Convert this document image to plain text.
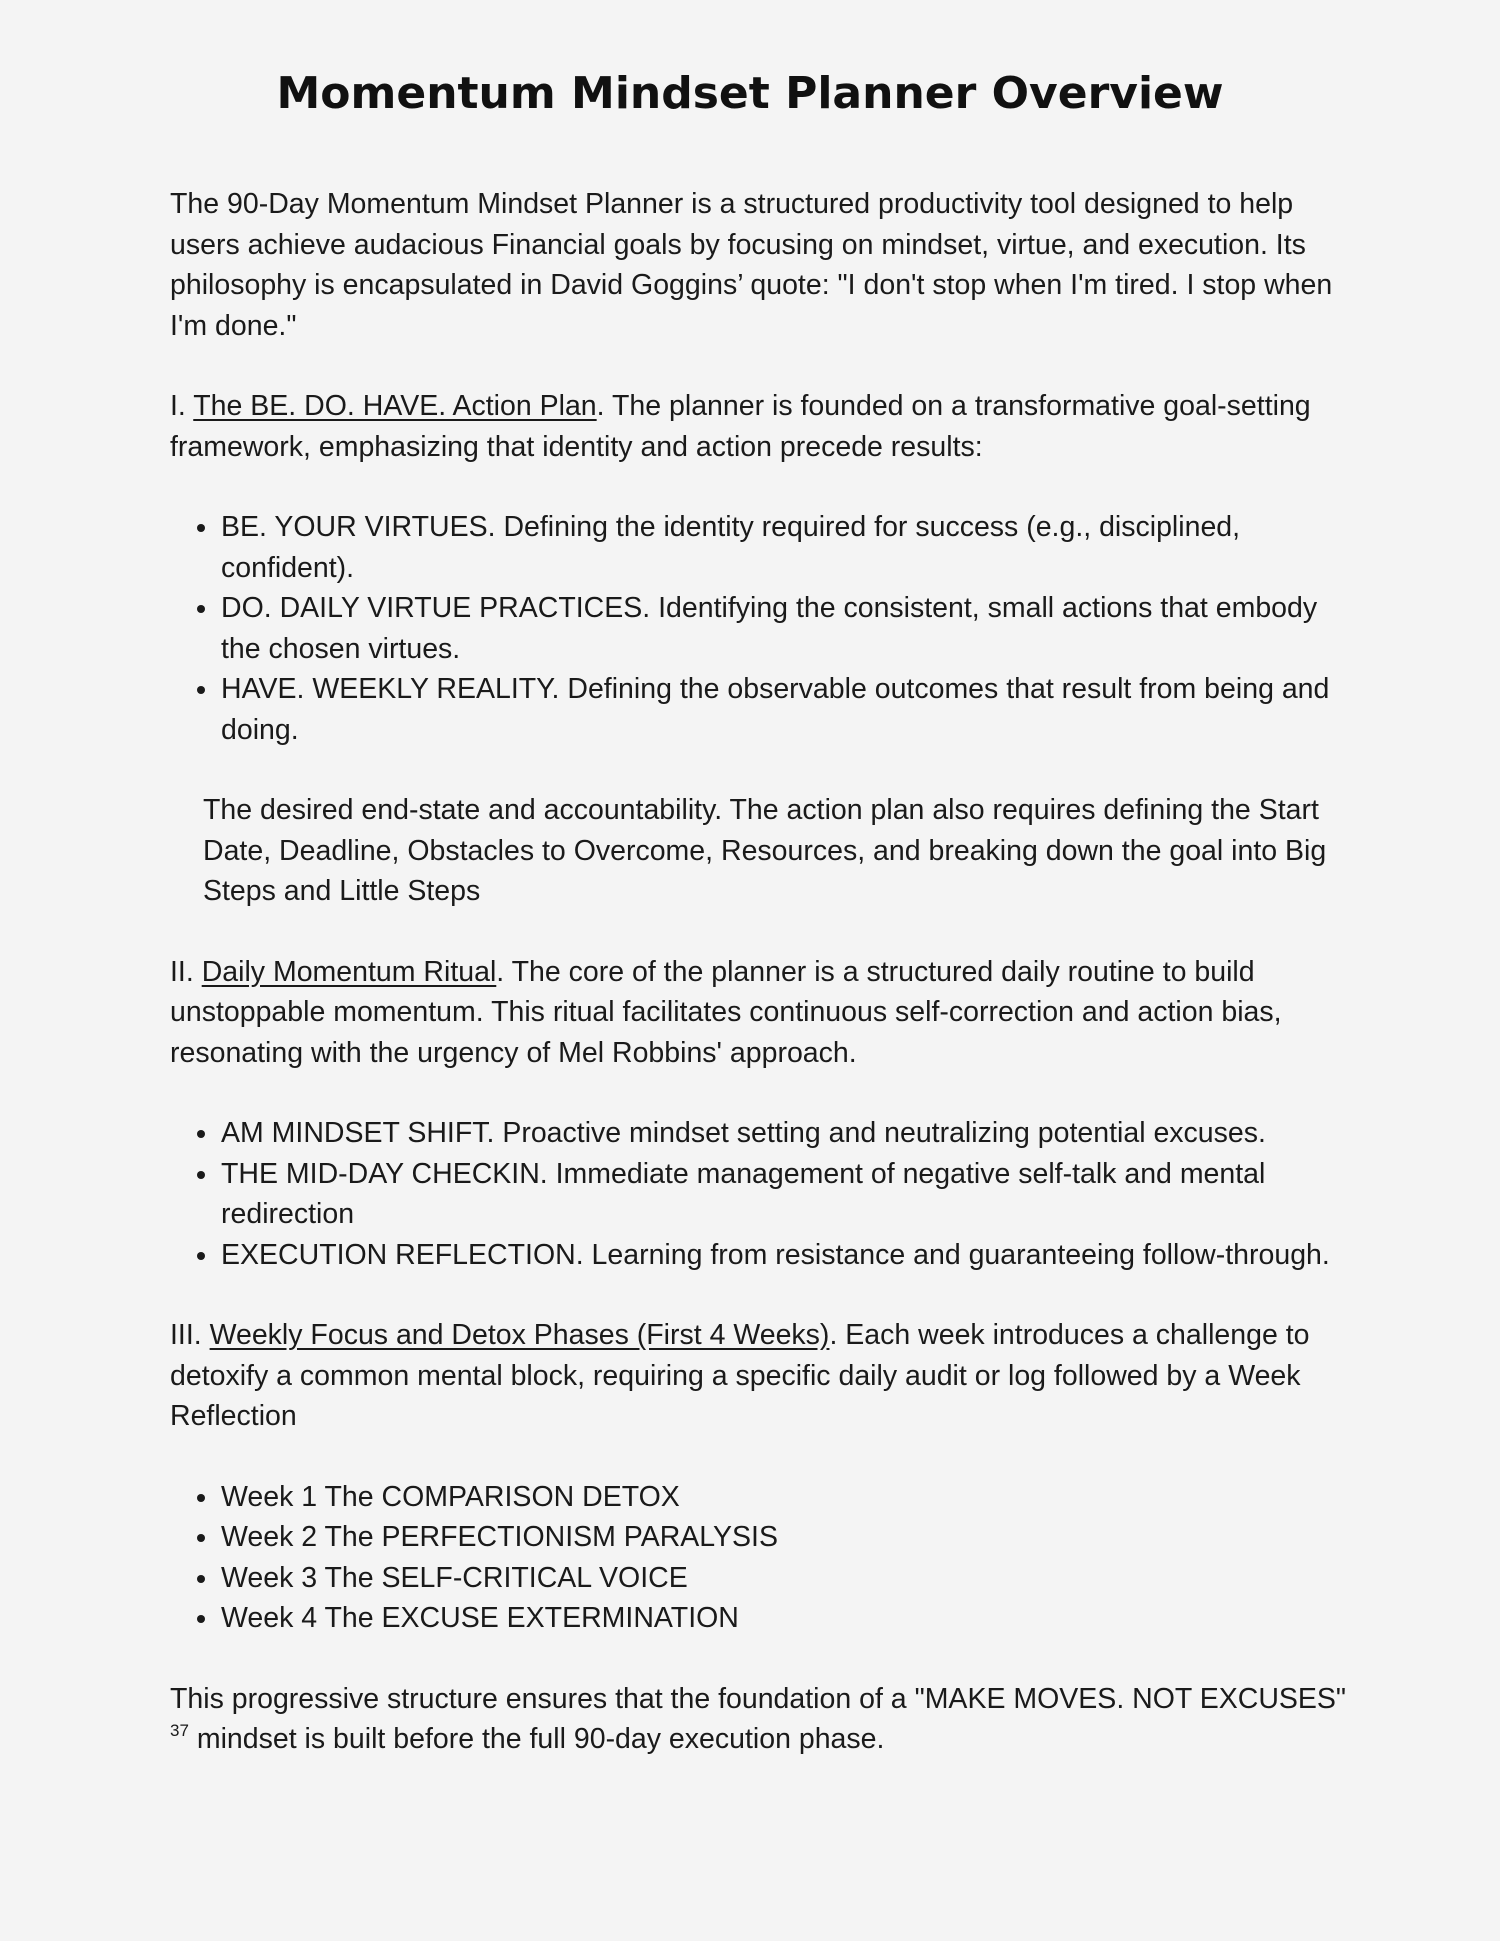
Momentum Mindset Planner Overview

The 90-Day Momentum Mindset Planner is a structured productivity tool designed to help users achieve audacious Financial goals by focusing on mindset, virtue, and execution. Its philosophy is encapsulated in David Goggins’ quote: "I don't stop when I'm tired. I stop when I'm done."

I. The BE. DO. HAVE. Action Plan. The planner is founded on a transformative goal-setting framework, emphasizing that identity and action precede results:

BE. YOUR VIRTUES. Defining the identity required for success (e.g., disciplined, confident).
DO. DAILY VIRTUE PRACTICES. Identifying the consistent, small actions that embody the chosen virtues.
HAVE. WEEKLY REALITY. Defining the observable outcomes that result from being and doing.

The desired end-state and accountability. The action plan also requires defining the Start Date, Deadline, Obstacles to Overcome, Resources, and breaking down the goal into Big Steps and Little Steps

II. Daily Momentum Ritual. The core of the planner is a structured daily routine to build unstoppable momentum. This ritual facilitates continuous self-correction and action bias, resonating with the urgency of Mel Robbins' approach.

AM MINDSET SHIFT. Proactive mindset setting and neutralizing potential excuses.
THE MID-DAY CHECKIN. Immediate management of negative self-talk and mental redirection
EXECUTION REFLECTION. Learning from resistance and guaranteeing follow-through.

III. Weekly Focus and Detox Phases (First 4 Weeks). Each week introduces a challenge to detoxify a common mental block, requiring a specific daily audit or log followed by a Week Reflection

Week 1 The COMPARISON DETOX
Week 2 The PERFECTIONISM PARALYSIS
Week 3 The SELF-CRITICAL VOICE
Week 4 The EXCUSE EXTERMINATION

This progressive structure ensures that the foundation of a "MAKE MOVES. NOT EXCUSES" $^{37}$ mindset is built before the full 90-day execution phase.
